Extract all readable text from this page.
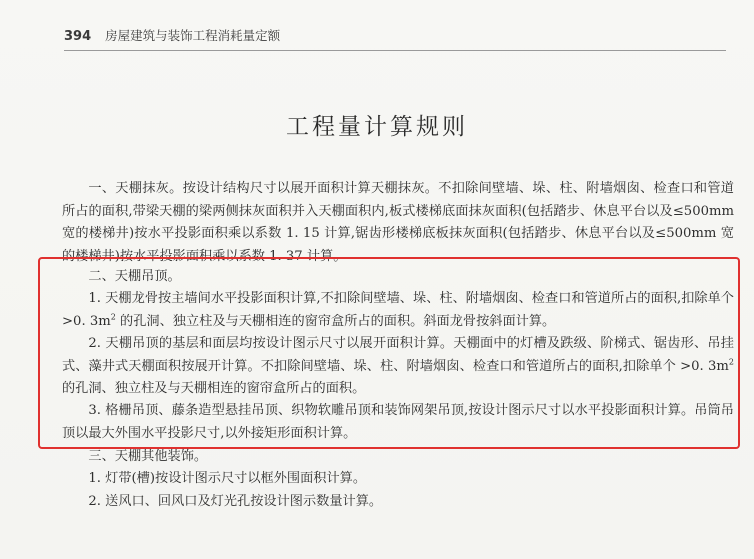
394 房屋建筑与装饰工程消耗量定额
工程量计算规则

一、天棚抹灰。按设计结构尺寸以展开面积计算天棚抹灰。不扣除间壁墙、垛、柱、附墙烟囱、检查口和管道所占的面积,带梁天棚的梁两侧抹灰面积并入天棚面积内,板式楼梯底面抹灰面积(包括踏步、休息平台以及≤500mm 宽的楼梯井)按水平投影面积乘以系数 1. 15 计算,锯齿形楼梯底板抹灰面积(包括踏步、休息平台以及≤500mm 宽的楼梯井)按水平投影面积乘以系数 1. 37 计算。

二、天棚吊顶。

1. 天棚龙骨按主墙间水平投影面积计算,不扣除间壁墙、垛、柱、附墙烟囱、检查口和管道所占的面积,扣除单个 >0. $3m^2$ 的孔洞、独立柱及与天棚相连的窗帘盒所占的面积。斜面龙骨按斜面计算。

2. 天棚吊顶的基层和面层均按设计图示尺寸以展开面积计算。天棚面中的灯槽及跌级、阶梯式、锯齿形、吊挂式、藻井式天棚面积按展开计算。不扣除间壁墙、垛、柱、附墙烟囱、检查口和管道所占的面积,扣除单个 >0. $3m^2$ 的孔洞、独立柱及与天棚相连的窗帘盒所占的面积。

3. 格栅吊顶、藤条造型悬挂吊顶、织物软雕吊顶和装饰网架吊顶,按设计图示尺寸以水平投影面积计算。吊筒吊顶以最大外围水平投影尺寸,以外接矩形面积计算。

三、天棚其他装饰。

1. 灯带(槽)按设计图示尺寸以框外围面积计算。

2. 送风口、回风口及灯光孔按设计图示数量计算。
